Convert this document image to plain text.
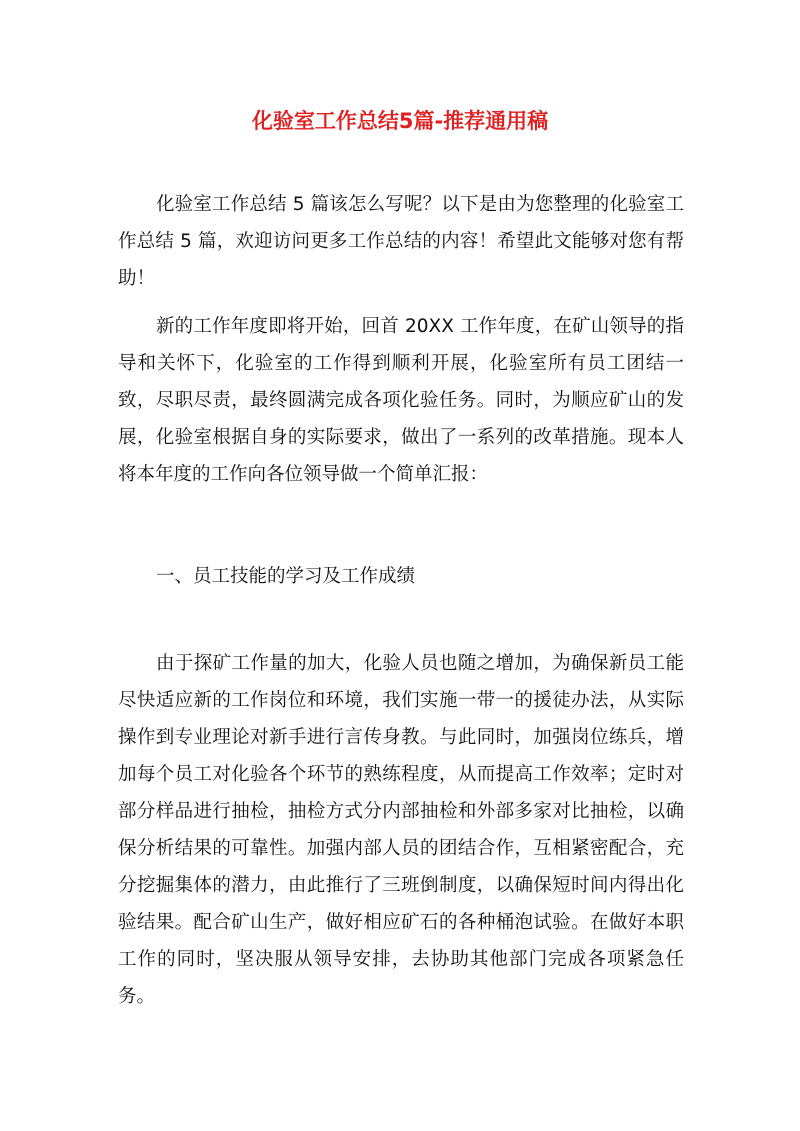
化验室工作总结5篇-推荐通用稿

化验室工作总结 5 篇该怎么写呢？以下是由为您整理的化验室工作总结 5 篇，欢迎访问更多工作总结的内容！希望此文能够对您有帮助！

新的工作年度即将开始，回首 20XX 工作年度，在矿山领导的指导和关怀下，化验室的工作得到顺利开展，化验室所有员工团结一致，尽职尽责，最终圆满完成各项化验任务。同时，为顺应矿山的发展，化验室根据自身的实际要求，做出了一系列的改革措施。现本人将本年度的工作向各位领导做一个简单汇报：

一、员工技能的学习及工作成绩

由于探矿工作量的加大，化验人员也随之增加，为确保新员工能尽快适应新的工作岗位和环境，我们实施一带一的援徒办法，从实际操作到专业理论对新手进行言传身教。与此同时，加强岗位练兵，增加每个员工对化验各个环节的熟练程度，从而提高工作效率；定时对部分样品进行抽检，抽检方式分内部抽检和外部多家对比抽检，以确保分析结果的可靠性。加强内部人员的团结合作，互相紧密配合，充分挖掘集体的潜力，由此推行了三班倒制度，以确保短时间内得出化验结果。配合矿山生产，做好相应矿石的各种桶泡试验。在做好本职工作的同时，坚决服从领导安排，去协助其他部门完成各项紧急任务。
